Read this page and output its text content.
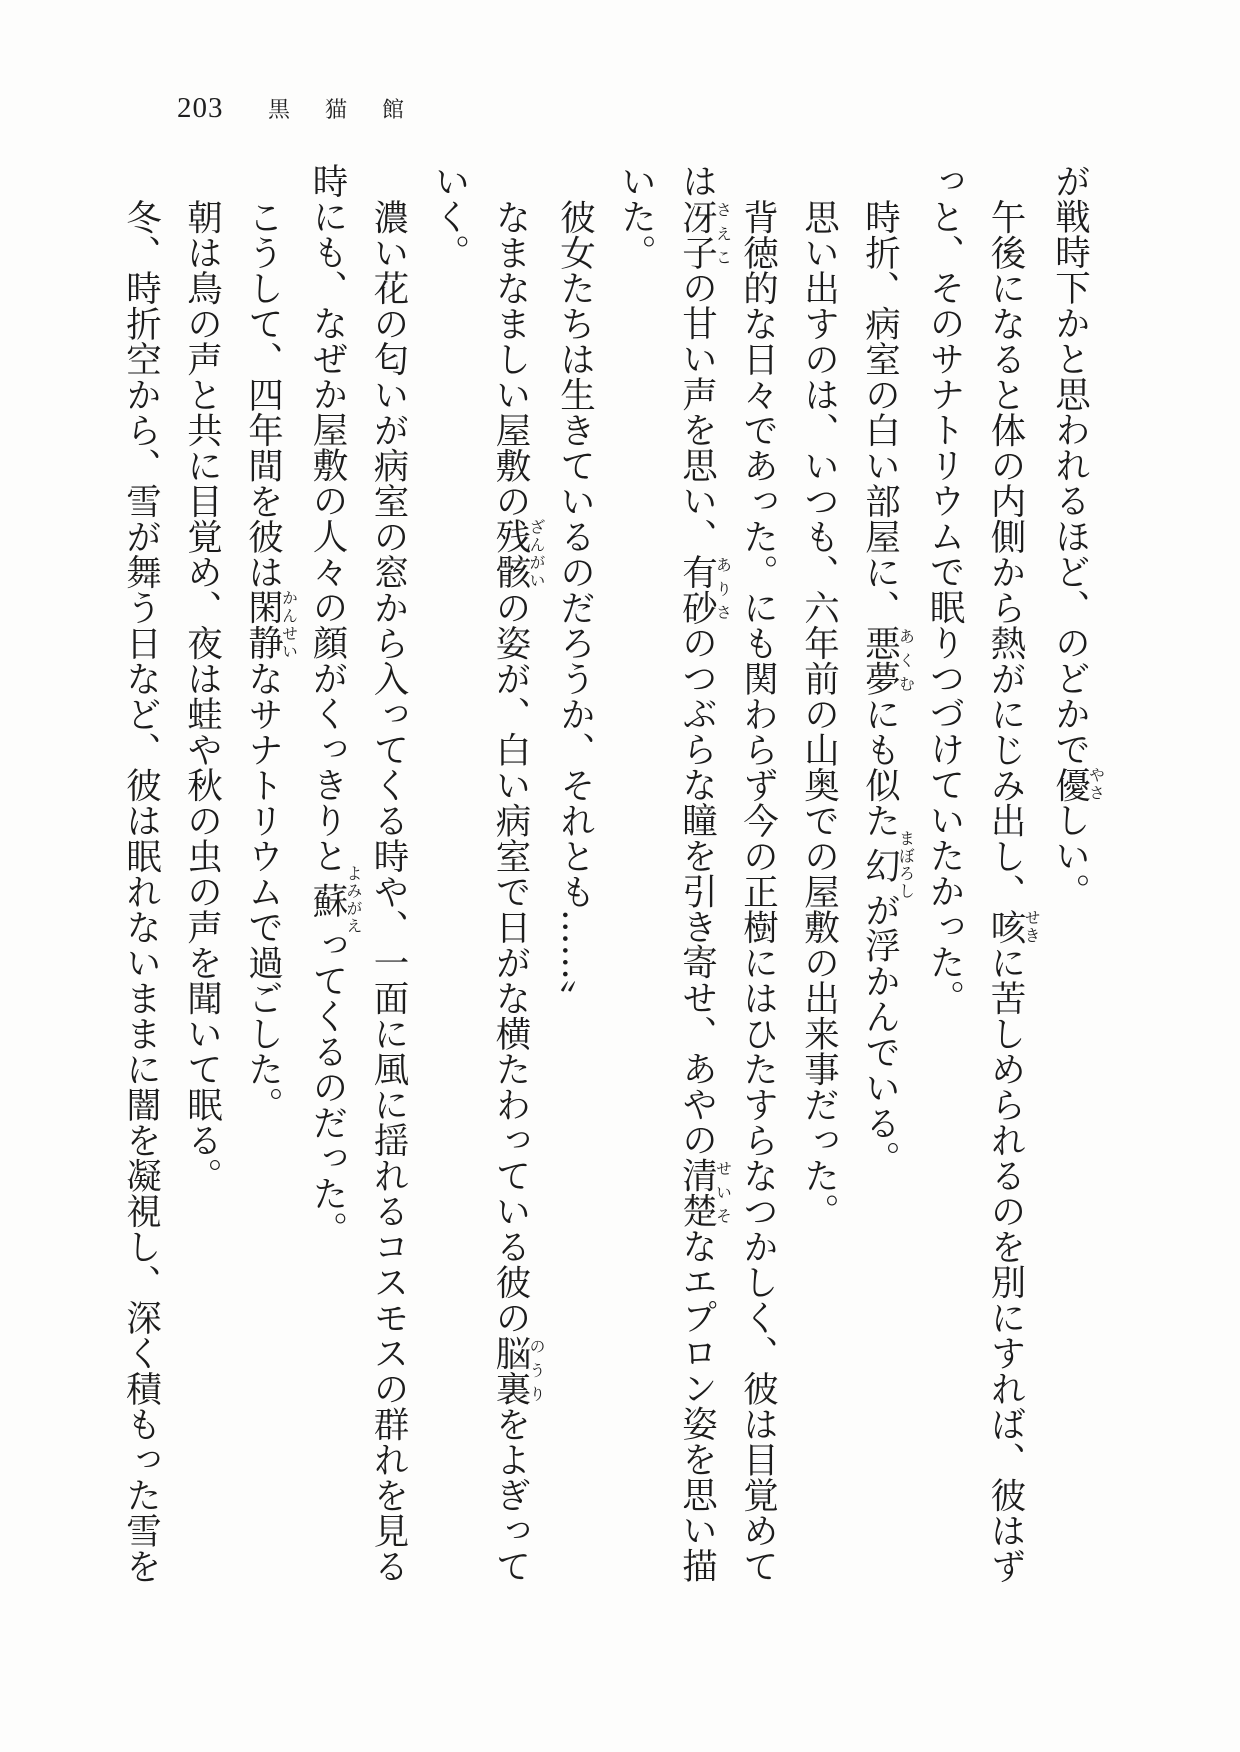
203 黒猫館

が戦時下かと思われるほど、のどかで優やさしい。

午後になると体の内側から熱がにじみ出し、咳せきに苦しめられるのを別にすれば、彼はずっと、そのサナトリウムで眠りつづけていたかった。

時折、病室の白い部屋に、悪夢あくむにも似た幻まぼろしが浮かんでいる。

思い出すのは、いつも、六年前の山奥での屋敷の出来事だった。

背徳的な日々であった。にも関わらず今の正樹にはひたすらなつかしく、彼は目覚めては冴子さえこの甘い声を思い、有砂ありさのつぶらな瞳を引き寄せ、あやの清楚せいそなエプロン姿を思い描いた。

彼女たちは生きているのだろうか、それとも……〞

なまなましい屋敷の残骸ざんがいの姿が、白い病室で日がな横たわっている彼の脳裏のうりをよぎっていく。

濃い花の匂いが病室の窓から入ってくる時や、一面に風に揺れるコスモスの群れを見る時にも、なぜか屋敷の人々の顔がくっきりと蘇よみがえってくるのだった。

こうして、四年間を彼は閑静かんせいなサナトリウムで過ごした。

朝は鳥の声と共に目覚め、夜は蛙や秋の虫の声を聞いて眠る。

冬、時折空から、雪が舞う日など、彼は眠れないままに闇を凝視し、深く積もった雪を
